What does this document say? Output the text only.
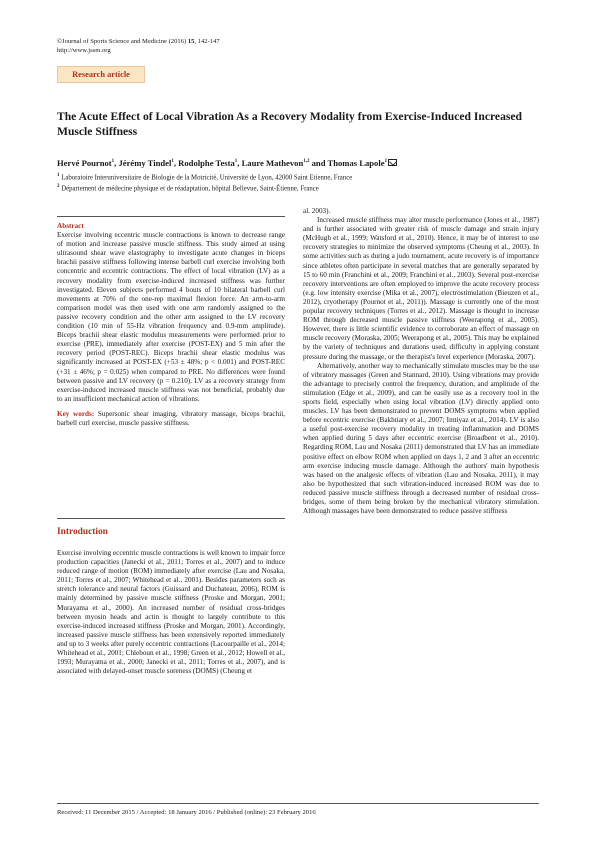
©Journal of Sports Science and Medicine (2016) 15, 142-147
http://www.jssm.org
Research article
The Acute Effect of Local Vibration As a Recovery Modality from Exercise-Induced Increased Muscle Stiffness
Hervé Pournot$^1$, Jérémy Tindel$^1$, Rodolphe Testa$^1$, Laure Mathevon$^{1,2}$ and Thomas Lapole$^1$
$^1$ Laboratoire Interuniversitaire de Biologie de la Motricité, Université de Lyon, 42000 Saint Etienne, France
$^2$ Département de médecine physique et de réadaptation, hôpital Bellevue, Saint-Étienne, France
Abstract

Exercise involving eccentric muscle contractions is known to decrease range of motion and increase passive muscle stiffness. This study aimed at using ultrasound shear wave elastography to investigate acute changes in biceps brachii passive stiffness following intense barbell curl exercise involving both concentric and eccentric contractions. The effect of local vibration (LV) as a recovery modality from exercise-induced increased stiffness was further investigated. Eleven subjects performed 4 bouts of 10 bilateral barbell curl movements at 70% of the one-rep maximal flexion force. An arm-to-arm comparison model was then used with one arm randomly assigned to the passive recovery condition and the other arm assigned to the LV recovery condition (10 min of 55-Hz vibration frequency and 0.9-mm amplitude). Biceps brachii shear elastic modulus measurements were performed prior to exercise (PRE), immediately after exercise (POST-EX) and 5 min after the recovery period (POST-REC). Biceps brachii shear elastic modulus was significantly increased at POST-EX (+53 ± 48%; p < 0.001) and POST-REC (+31 ± 46%; p = 0.025) when compared to PRE. No differences were found between passive and LV recovery (p = 0.210). LV as a recovery strategy from exercise-induced increased muscle stiffness was not beneficial, probably due to an insufficient mechanical action of vibrations.

Key words: Supersonic shear imaging, vibratory massage, biceps brachii, barbell curl exercise, muscle passive stiffness.

Introduction

Exercise involving eccentric muscle contractions is well known to impair force production capacities (Janecki et al., 2011; Torres et al., 2007) and to induce reduced range of motion (ROM) immediately after exercise (Lau and Nosaka, 2011; Torres et al., 2007; Whitehead et al., 2001). Besides parameters such as stretch tolerance and neural factors (Guissard and Duchateau, 2006), ROM is mainly determined by passive muscle stiffness (Proske and Morgan, 2001; Murayama et al., 2000). An increased number of residual cross-bridges between myosin heads and actin is thought to largely contribute to this exercise-induced increased stiffness (Proske and Morgan, 2001). Accordingly, increased passive muscle stiffness has been extensively reported immediately and up to 3 weeks after purely eccentric contractions (Lacourpaille et al., 2014; Whitehead et al., 2001; Chleboun et al., 1998; Green et al., 2012; Howell et al., 1993; Murayama et al., 2000; Janecki et al., 2011; Torres et al., 2007), and is associated with delayed-onset muscle soreness (DOMS) (Cheung et

al. 2003).

Increased muscle stiffness may alter muscle performance (Jones et al., 1987) and is further associated with greater risk of muscle damage and strain injury (McHugh et al., 1999; Watsford et al., 2010). Hence, it may be of interest to use recovery strategies to minimize the observed symptoms (Cheung et al., 2003). In some activities such as during a judo tournament, acute recovery is of importance since athletes often participate in several matches that are generally separated by 15 to 60 min (Franchini et al., 2009; Franchini et al., 2003). Several post-exercise recovery interventions are often employed to improve the acute recovery process (e.g. low intensity exercise (Mika et al., 2007), electrostimulation (Bieuzen et al., 2012), cryotherapy (Pournot et al., 2011)). Massage is currently one of the most popular recovery techniques (Torres et al., 2012). Massage is thought to increase ROM through decreased muscle passive stiffness (Weerapong et al., 2005). However, there is little scientific evidence to corroborate an effect of massage on muscle recovery (Moraska, 2005; Weerapong et al., 2005). This may be explained by the variety of techniques and durations used, difficulty in applying constant pressure during the massage, or the therapist's level experience (Moraska, 2007).

Alternatively, another way to mechanically stimulate muscles may be the use of vibratory massages (Green and Stannard, 2010). Using vibrations may provide the advantage to precisely control the frequency, duration, and amplitude of the stimulation (Edge et al., 2009), and can be easily use as a recovery tool in the sports field, especially when using local vibration (LV) directly applied onto muscles. LV has been demonstrated to prevent DOMS symptoms when applied before eccentric exercise (Bakhtiary et al., 2007; Imtiyaz et al., 2014). LV is also a useful post-exercise recovery modality in treating inflammation and DOMS when applied during 5 days after eccentric exercise (Broadbent et al., 2010). Regarding ROM, Lau and Nosaka (2011) demonstrated that LV has an immediate positive effect on elbow ROM when applied on days 1, 2 and 3 after an eccentric arm exercise inducing muscle damage. Although the authors' main hypothesis was based on the analgesic effects of vibration (Lau and Nosaka, 2011), it may also be hypothesized that such vibration-induced increased ROM was due to reduced passive muscle stiffness through a decreased number of residual cross-bridges, some of them being broken by the mechanical vibratory stimulation. Although massages have been demonstrated to reduce passive stiffness

Received: 11 December 2015 / Accepted: 18 January 2016 / Published (online): 23 February 2016
